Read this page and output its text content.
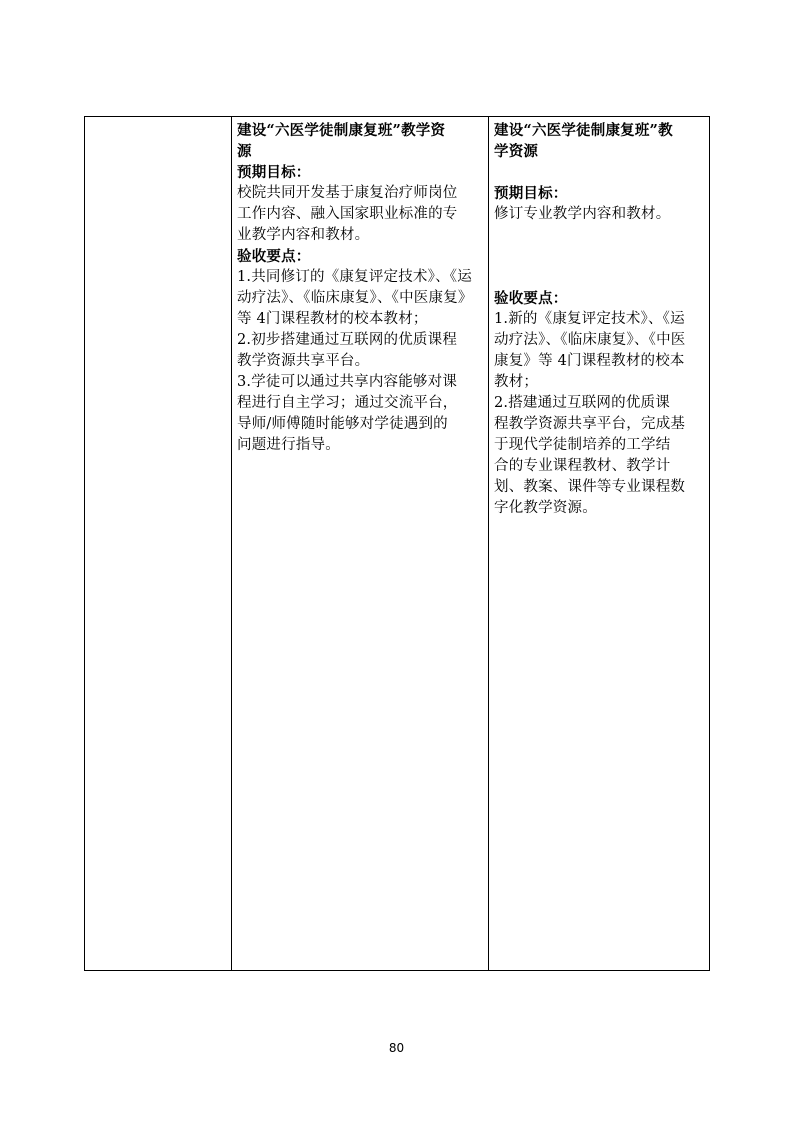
建设“六医学徒制康复班”教学资
源
预期目标：
校院共同开发基于康复治疗师岗位
工作内容、融入国家职业标准的专
业教学内容和教材。
验收要点：
1.共同修订的《康复评定技术》、《运
动疗法》、《临床康复》、《中医康复》
等 4门课程教材的校本教材；
2.初步搭建通过互联网的优质课程
教学资源共享平台。
3.学徒可以通过共享内容能够对课
程进行自主学习；通过交流平台，
导师/师傅随时能够对学徒遇到的
问题进行指导。
建设“六医学徒制康复班”教
学资源
预期目标：
修订专业教学内容和教材。
验收要点：
1.新的《康复评定技术》、《运
动疗法》、《临床康复》、《中医
康复》等 4门课程教材的校本
教材；
2.搭建通过互联网的优质课
程教学资源共享平台，完成基
于现代学徒制培养的工学结
合的专业课程教材、教学计
划、教案、课件等专业课程数
字化教学资源。
80
